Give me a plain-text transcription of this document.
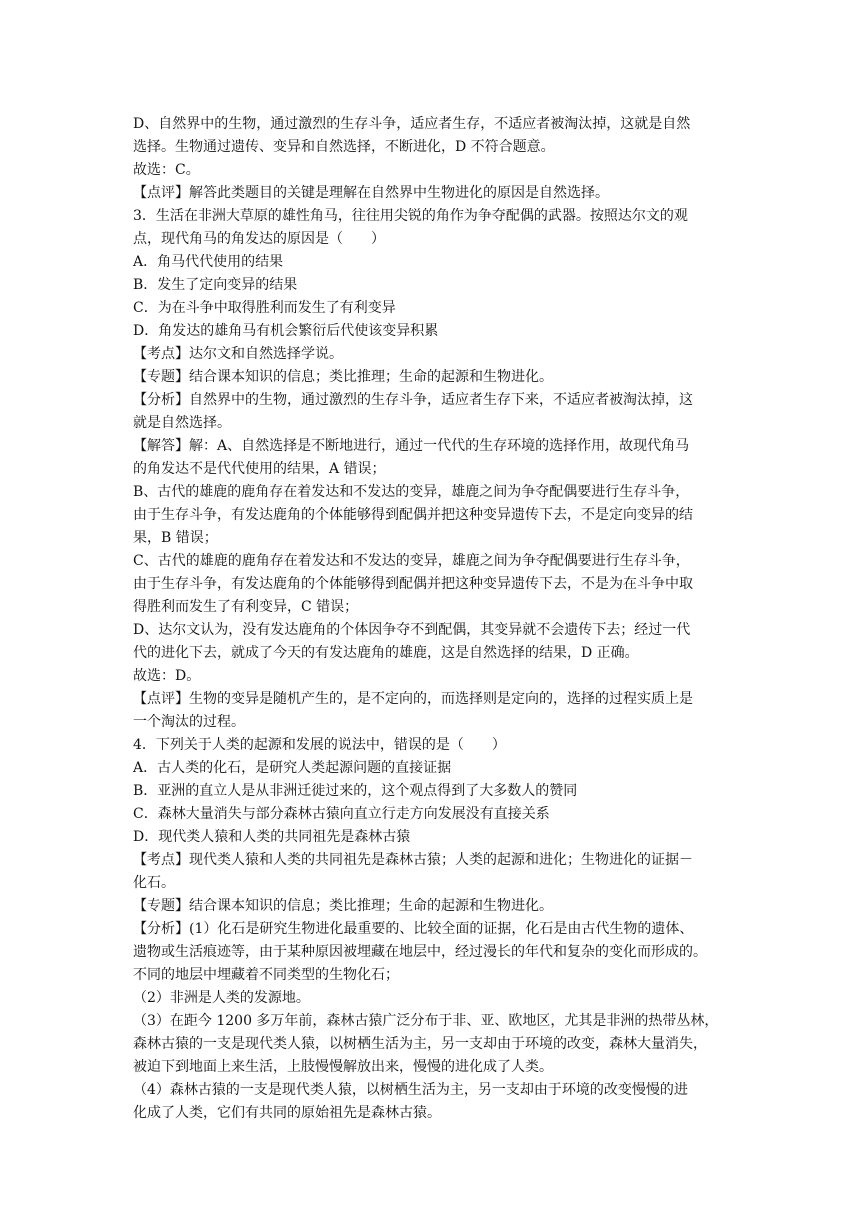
D、自然界中的生物，通过激烈的生存斗争，适应者生存，不适应者被淘汰掉，这就是自然
选择。生物通过遗传、变异和自然选择，不断进化，D 不符合题意。
故选：C。
【点评】解答此类题目的关键是理解在自然界中生物进化的原因是自然选择。
3．生活在非洲大草原的雄性角马，往往用尖锐的角作为争夺配偶的武器。按照达尔文的观
点，现代角马的角发达的原因是（　　）
A．角马代代使用的结果
B．发生了定向变异的结果
C．为在斗争中取得胜利而发生了有利变异
D．角发达的雄角马有机会繁衍后代使该变异积累
【考点】达尔文和自然选择学说。
【专题】结合课本知识的信息；类比推理；生命的起源和生物进化。
【分析】自然界中的生物，通过激烈的生存斗争，适应者生存下来，不适应者被淘汰掉，这
就是自然选择。
【解答】解：A、自然选择是不断地进行，通过一代代的生存环境的选择作用，故现代角马
的角发达不是代代使用的结果，A 错误；
B、古代的雄鹿的鹿角存在着发达和不发达的变异，雄鹿之间为争夺配偶要进行生存斗争，
由于生存斗争，有发达鹿角的个体能够得到配偶并把这种变异遗传下去，不是定向变异的结
果，B 错误；
C、古代的雄鹿的鹿角存在着发达和不发达的变异，雄鹿之间为争夺配偶要进行生存斗争，
由于生存斗争，有发达鹿角的个体能够得到配偶并把这种变异遗传下去，不是为在斗争中取
得胜利而发生了有利变异，C 错误；
D、达尔文认为，没有发达鹿角的个体因争夺不到配偶，其变异就不会遗传下去；经过一代
代的进化下去，就成了今天的有发达鹿角的雄鹿，这是自然选择的结果，D 正确。
故选：D。
【点评】生物的变异是随机产生的，是不定向的，而选择则是定向的，选择的过程实质上是
一个淘汰的过程。
4．下列关于人类的起源和发展的说法中，错误的是（　　）
A．古人类的化石，是研究人类起源问题的直接证据
B．亚洲的直立人是从非洲迁徙过来的，这个观点得到了大多数人的赞同
C．森林大量消失与部分森林古猿向直立行走方向发展没有直接关系
D．现代类人猿和人类的共同祖先是森林古猿
【考点】现代类人猿和人类的共同祖先是森林古猿；人类的起源和进化；生物进化的证据－
化石。
【专题】结合课本知识的信息；类比推理；生命的起源和生物进化。
【分析】(1）化石是研究生物进化最重要的、比较全面的证据，化石是由古代生物的遗体、
遗物或生活痕迹等，由于某种原因被埋藏在地层中，经过漫长的年代和复杂的变化而形成的。
不同的地层中埋藏着不同类型的生物化石；
（2）非洲是人类的发源地。
（3）在距今 1200 多万年前，森林古猿广泛分布于非、亚、欧地区，尤其是非洲的热带丛林，
森林古猿的一支是现代类人猿，以树栖生活为主，另一支却由于环境的改变，森林大量消失，
被迫下到地面上来生活，上肢慢慢解放出来，慢慢的进化成了人类。
（4）森林古猿的一支是现代类人猿，以树栖生活为主，另一支却由于环境的改变慢慢的进
化成了人类，它们有共同的原始祖先是森林古猿。
